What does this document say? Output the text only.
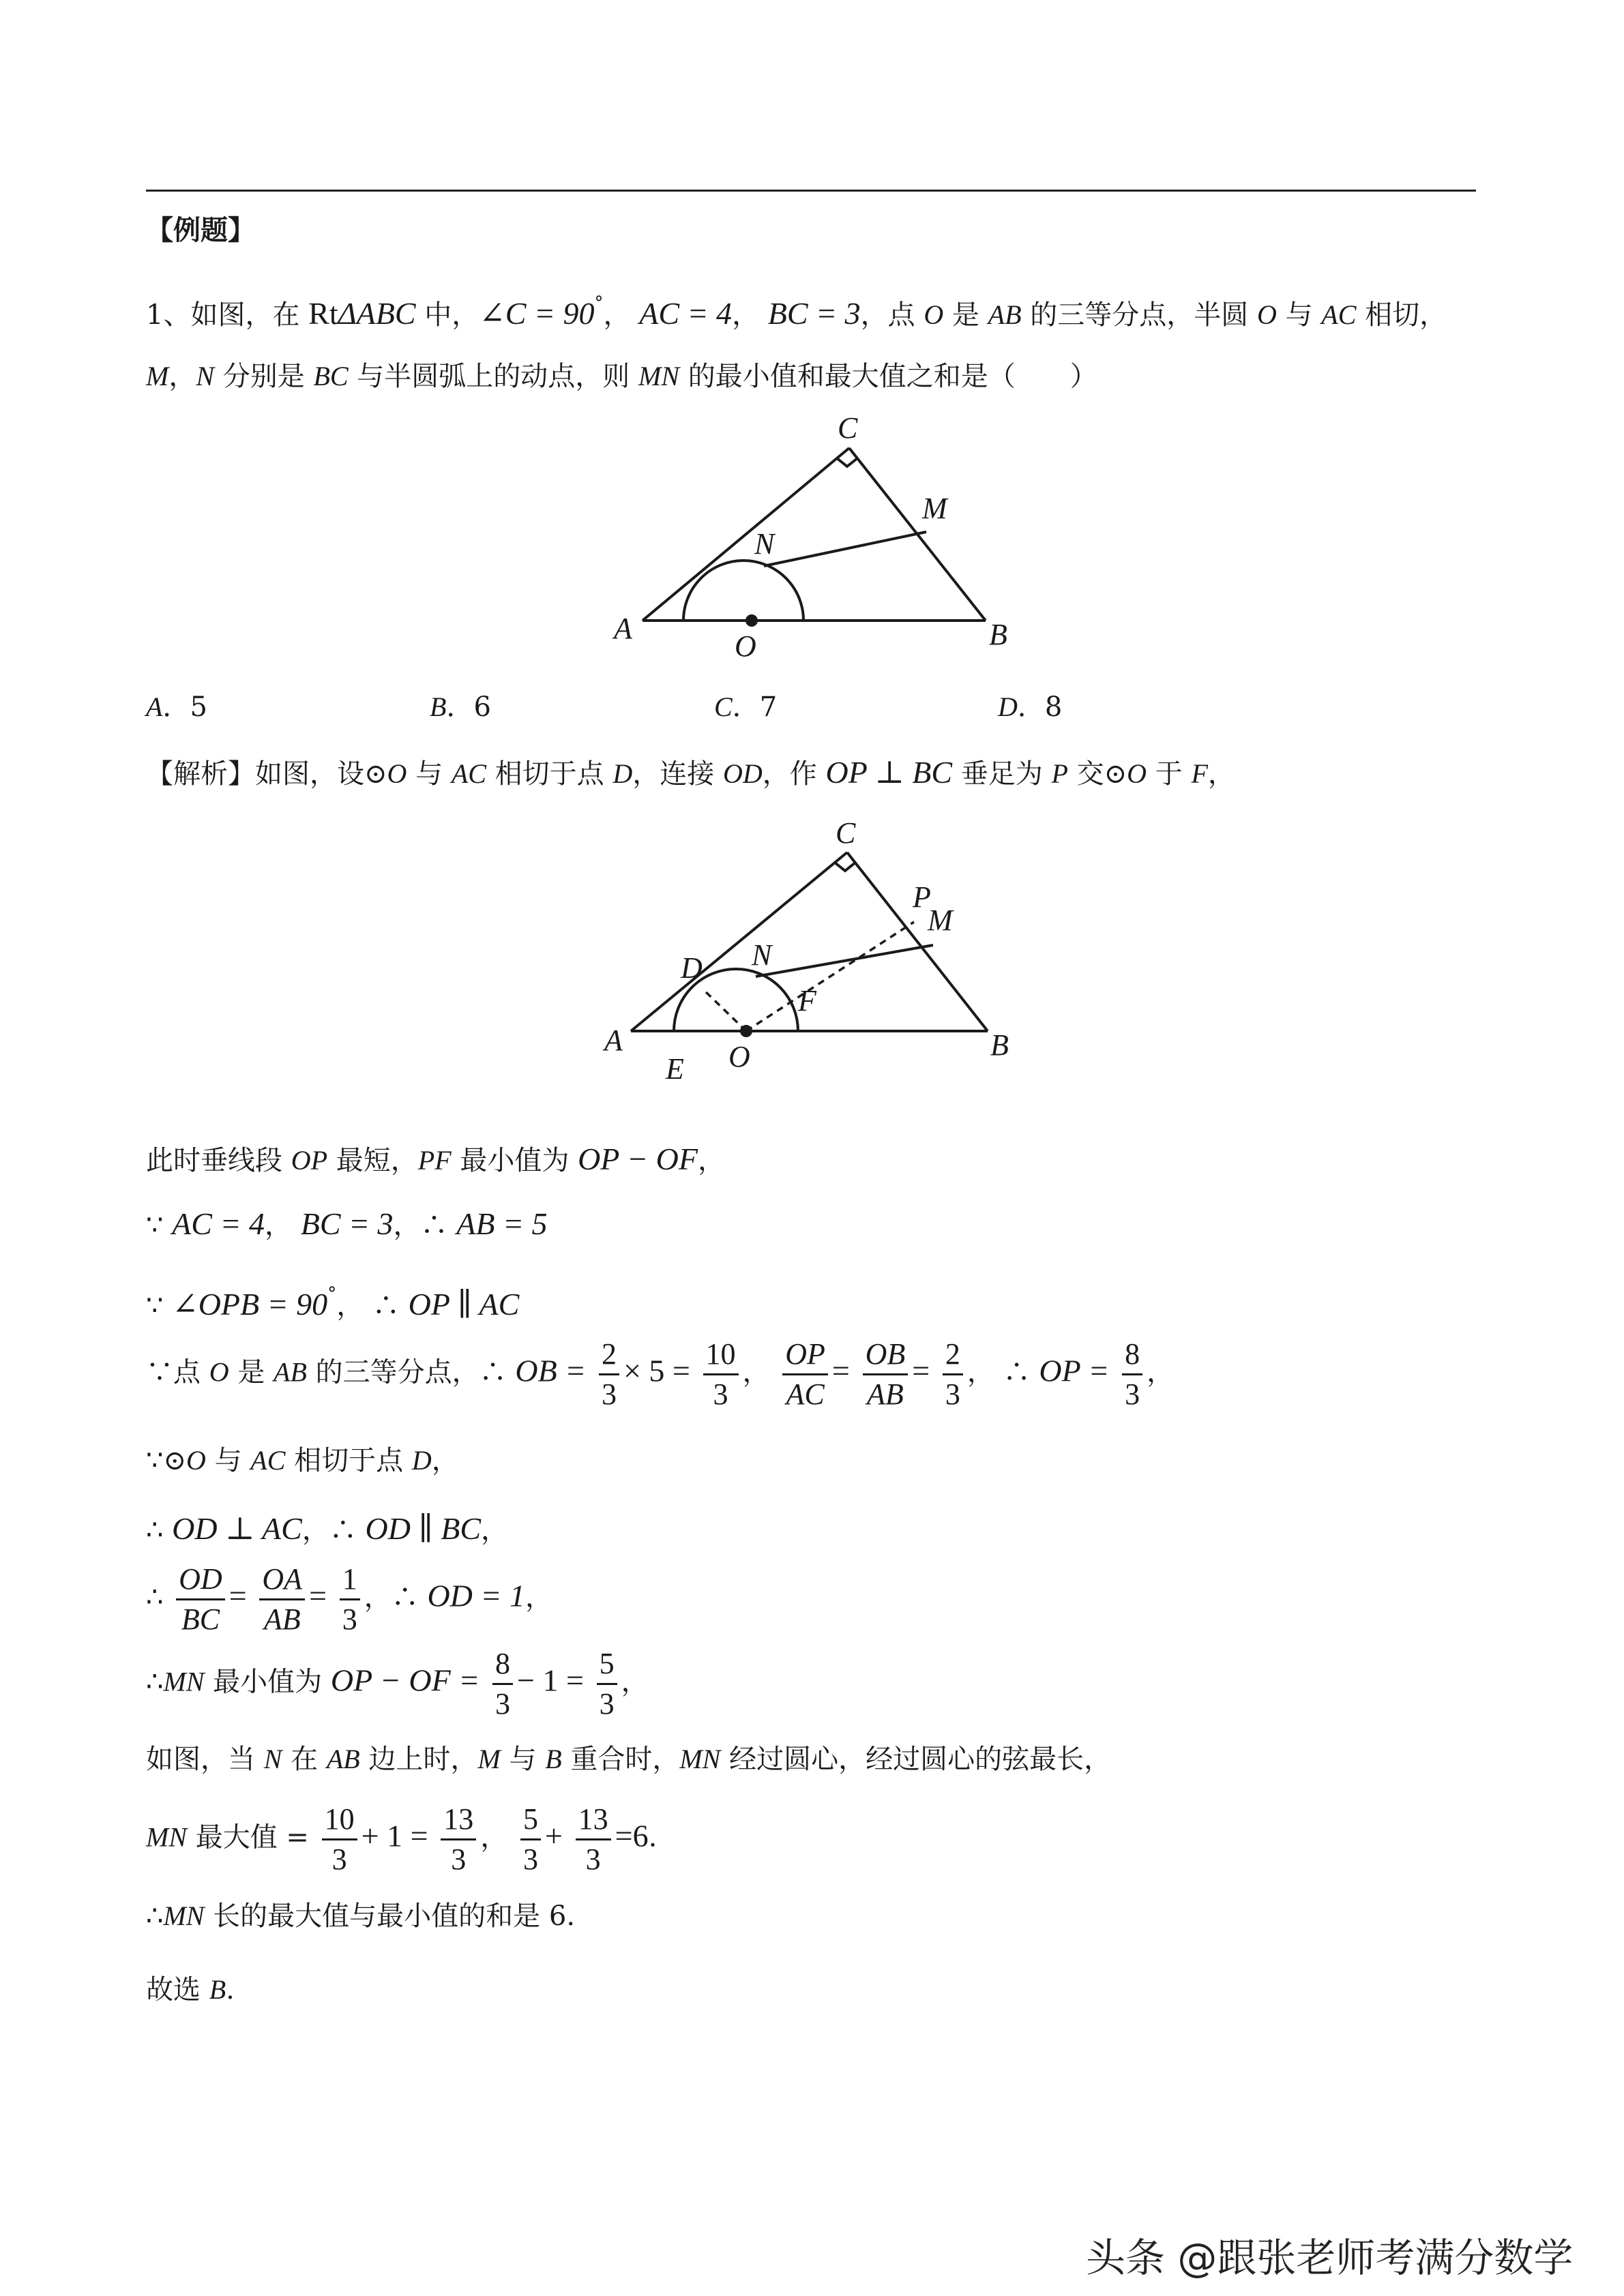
【例题】
1、如图，在 RtΔABC 中，∠C = 90°， AC = 4， BC = 3，点 O 是 AB 的三等分点，半圆 O 与 AC 相切，
M，N 分别是 BC 与半圆弧上的动点，则 MN 的最小值和最大值之和是（　　）
A	B
C
O
N
M
A．5	B．6	C．7	D．8
【解析】如图，设⊙O 与 AC 相切于点 D，连接 OD，作 OP ⊥ BC 垂足为 P 交⊙O 于 F，
A	B
C
D
E
F
M
N
O
P
此时垂线段 OP 最短，PF 最小值为 OP − OF，
∵ AC = 4， BC = 3，∴ AB = 5
∵ ∠OPB = 90°， ∴ OP ∥ AC
∵点 O 是 AB 的三等分点，∴ OB = $\frac{2}{3} \times 5 = \frac{10}{3}$ ， $\frac{OP}{AC} = \frac{OB}{AB} = \frac{2}{3}$ ， ∴ OP = $\frac{8}{3}$ ，
∵⊙O 与 AC 相切于点 D，
∴ OD ⊥ AC，∴ OD ∥ BC，
∴ $\frac{OD}{BC} = \frac{OA}{AB} = \frac{1}{3}$ ，∴ OD = 1，
∴MN 最小值为 OP − OF = $\frac{8}{3} - 1 = \frac{5}{3}$ ，
如图，当 N 在 AB 边上时，M 与 B 重合时，MN 经过圆心，经过圆心的弦最长，
MN 最大值 = $\frac{10}{3} + 1 = \frac{13}{3}$ ， $\frac{5}{3} + \frac{13}{3} =6$.
∴MN 长的最大值与最小值的和是 6.
故选 B.
头条 @跟张老师考满分数学
